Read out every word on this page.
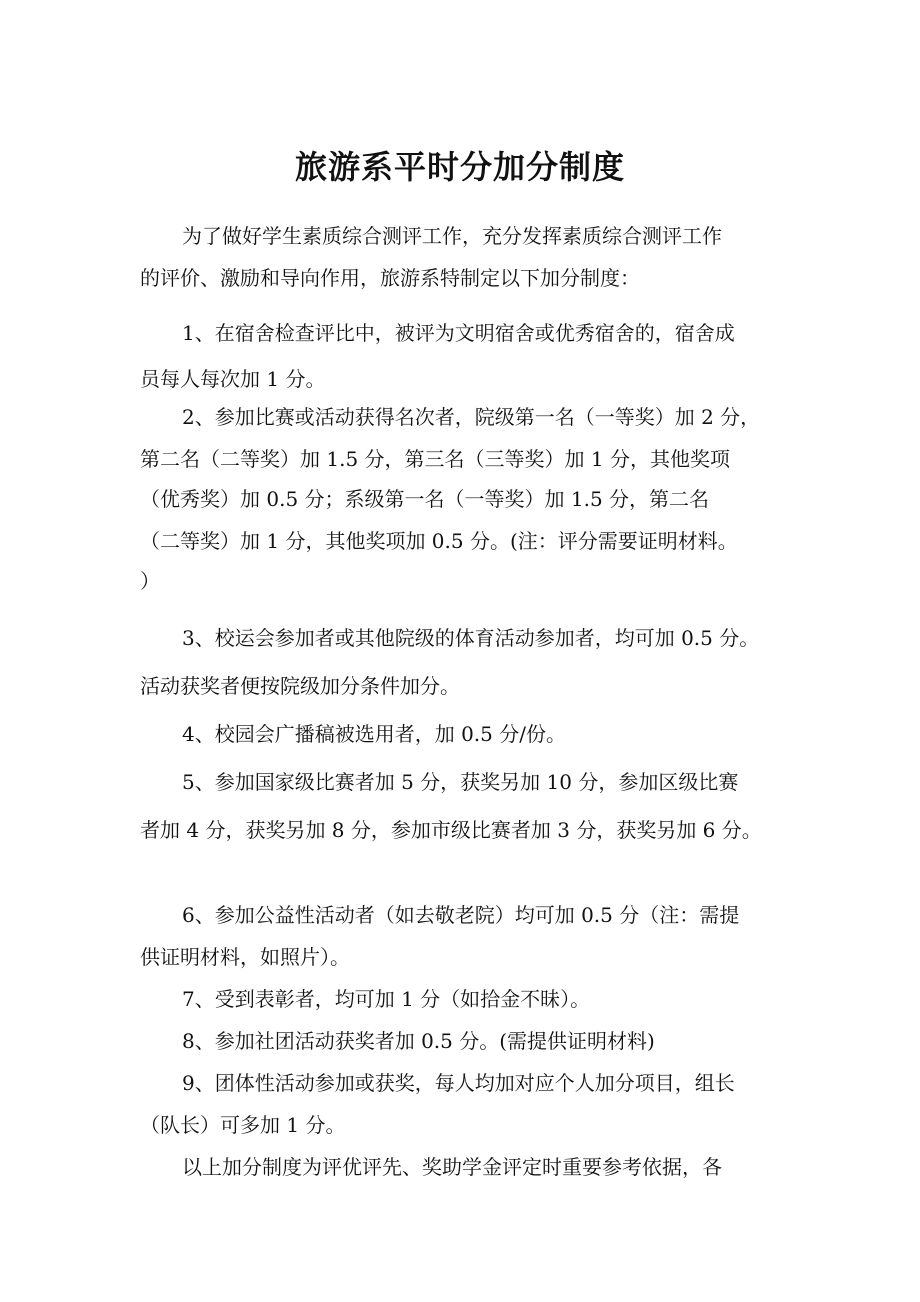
旅游系平时分加分制度
为了做好学生素质综合测评工作，充分发挥素质综合测评工作
的评价、激励和导向作用，旅游系特制定以下加分制度：
1、在宿舍检查评比中，被评为文明宿舍或优秀宿舍的，宿舍成
员每人每次加 1 分。
2、参加比赛或活动获得名次者，院级第一名（一等奖）加 2 分，
第二名（二等奖）加 1.5 分，第三名（三等奖）加 1 分，其他奖项
（优秀奖）加 0.5 分；系级第一名（一等奖）加 1.5 分，第二名
（二等奖）加 1 分，其他奖项加 0.5 分。(注：评分需要证明材料。
）
3、校运会参加者或其他院级的体育活动参加者，均可加 0.5 分。
活动获奖者便按院级加分条件加分。
4、校园会广播稿被选用者，加 0.5 分/份。
5、参加国家级比赛者加 5 分，获奖另加 10 分，参加区级比赛
者加 4 分，获奖另加 8 分，参加市级比赛者加 3 分，获奖另加 6 分。
6、参加公益性活动者（如去敬老院）均可加 0.5 分（注：需提
供证明材料，如照片）。
7、受到表彰者，均可加 1 分（如拾金不昧）。
8、参加社团活动获奖者加 0.5 分。(需提供证明材料)
9、团体性活动参加或获奖，每人均加对应个人加分项目，组长
（队长）可多加 1 分。
以上加分制度为评优评先、奖助学金评定时重要参考依据，各
